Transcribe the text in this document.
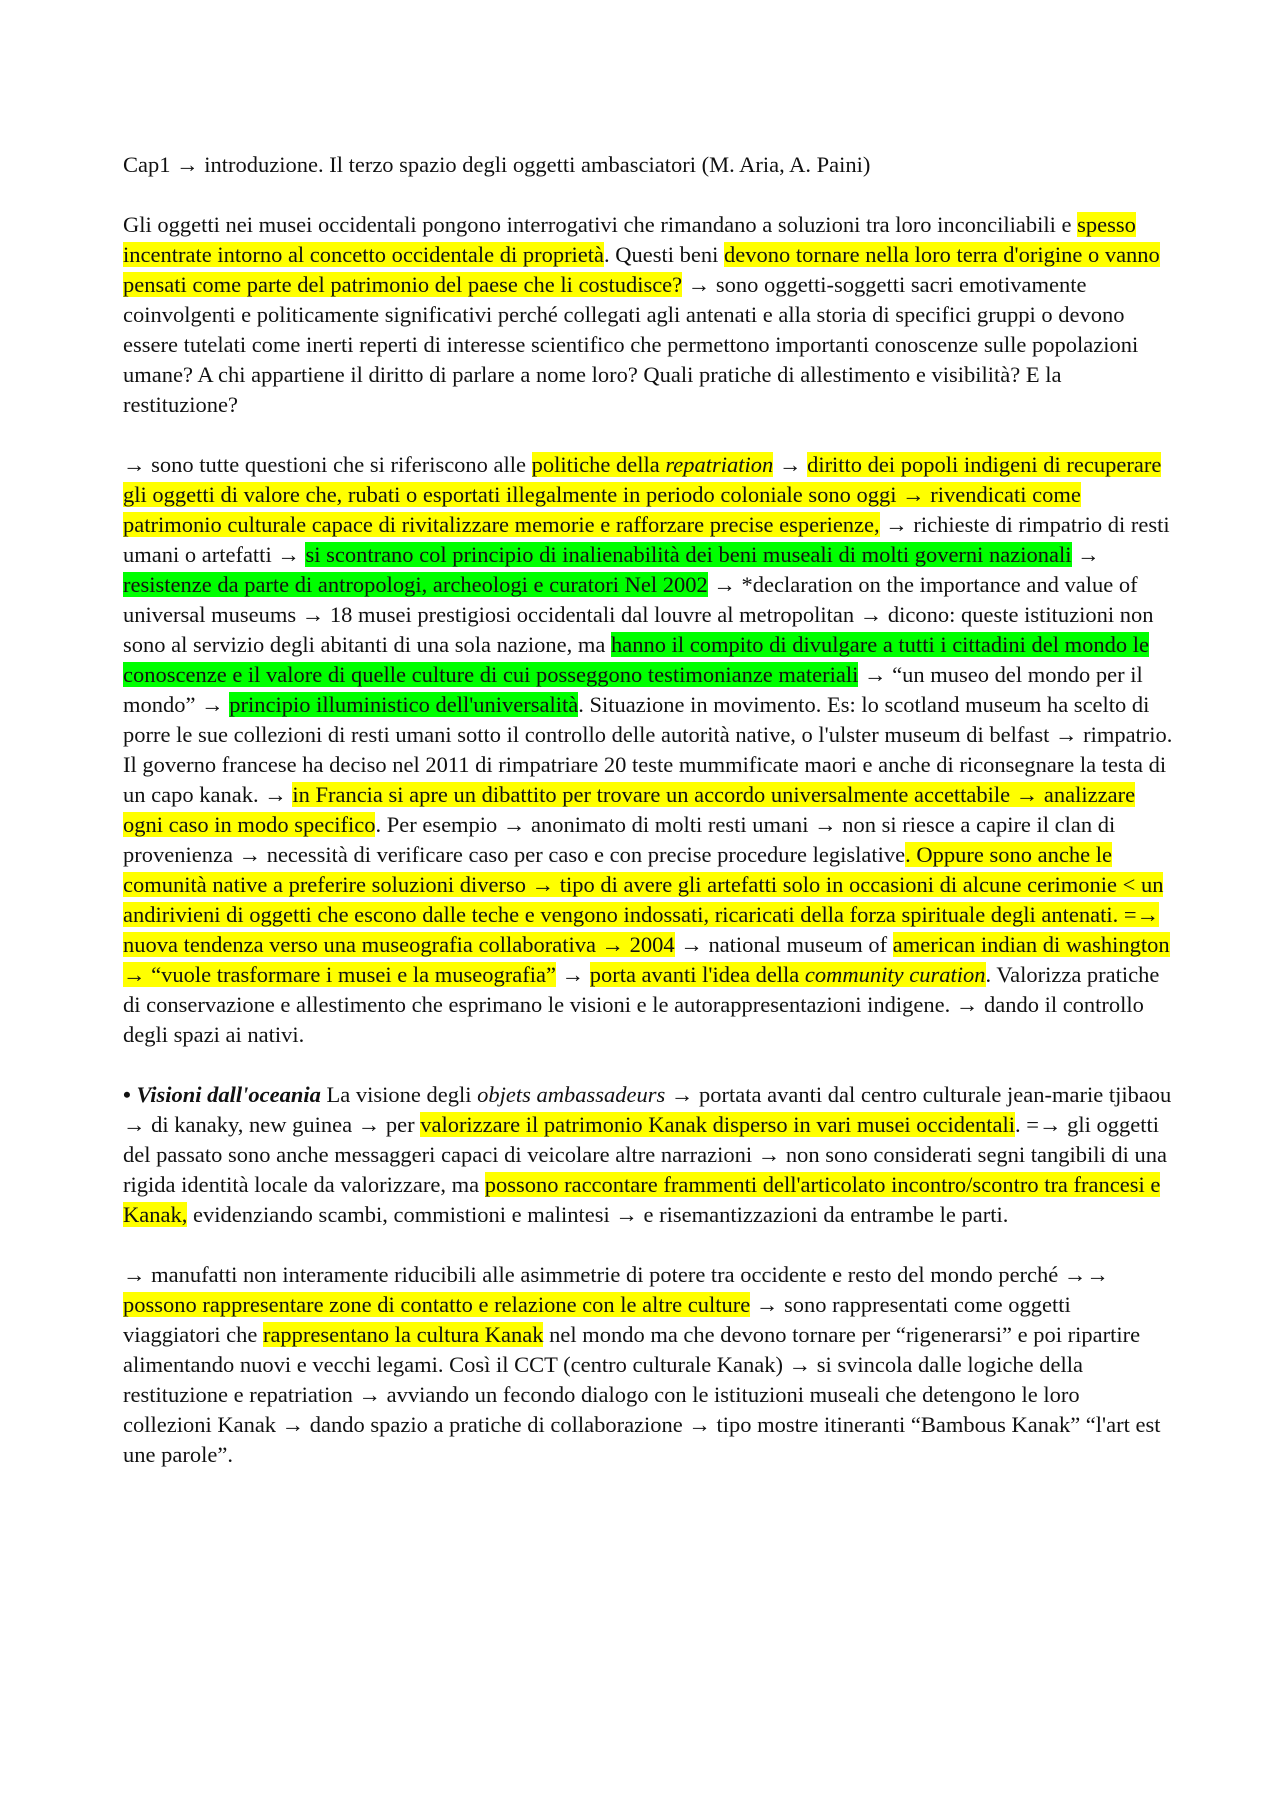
Cap1 → introduzione. Il terzo spazio degli oggetti ambasciatori (M. Aria, A. Paini)

Gli oggetti nei musei occidentali pongono interrogativi che rimandano a soluzioni tra loro inconciliabili e spesso incentrate intorno al concetto occidentale di proprietà. Questi beni devono tornare nella loro terra d'origine o vanno pensati come parte del patrimonio del paese che li costudisce? → sono oggetti-soggetti sacri emotivamente coinvolgenti e politicamente significativi perché collegati agli antenati e alla storia di specifici gruppi o devono essere tutelati come inerti reperti di interesse scientifico che permettono importanti conoscenze sulle popolazioni umane? A chi appartiene il diritto di parlare a nome loro? Quali pratiche di allestimento e visibilità? E la restituzione?

→ sono tutte questioni che si riferiscono alle politiche della repatriation → diritto dei popoli indigeni di recuperare gli oggetti di valore che, rubati o esportati illegalmente in periodo coloniale sono oggi → rivendicati come patrimonio culturale capace di rivitalizzare memorie e rafforzare precise esperienze, → richieste di rimpatrio di resti umani o artefatti → si scontrano col principio di inalienabilità dei beni museali di molti governi nazionali → resistenze da parte di antropologi, archeologi e curatori Nel 2002 → *declaration on the importance and value of universal museums → 18 musei prestigiosi occidentali dal louvre al metropolitan → dicono: queste istituzioni non sono al servizio degli abitanti di una sola nazione, ma hanno il compito di divulgare a tutti i cittadini del mondo le conoscenze e il valore di quelle culture di cui posseggono testimonianze materiali → “un museo del mondo per il mondo” → principio illuministico dell'universalità. Situazione in movimento. Es: lo scotland museum ha scelto di porre le sue collezioni di resti umani sotto il controllo delle autorità native, o l'ulster museum di belfast → rimpatrio. Il governo francese ha deciso nel 2011 di rimpatriare 20 teste mummificate maori e anche di riconsegnare la testa di un capo kanak. → in Francia si apre un dibattito per trovare un accordo universalmente accettabile → analizzare ogni caso in modo specifico. Per esempio → anonimato di molti resti umani → non si riesce a capire il clan di provenienza → necessità di verificare caso per caso e con precise procedure legislative. Oppure sono anche le comunità native a preferire soluzioni diverso → tipo di avere gli artefatti solo in occasioni di alcune cerimonie < un andirivieni di oggetti che escono dalle teche e vengono indossati, ricaricati della forza spirituale degli antenati. =→ nuova tendenza verso una museografia collaborativa → 2004 → national museum of american indian di washington → “vuole trasformare i musei e la museografia” → porta avanti l'idea della community curation. Valorizza pratiche di conservazione e allestimento che esprimano le visioni e le autorappresentazioni indigene. → dando il controllo degli spazi ai nativi.

• Visioni dall'oceania La visione degli objets ambassadeurs → portata avanti dal centro culturale jean-marie tjibaou → di kanaky, new guinea → per valorizzare il patrimonio Kanak disperso in vari musei occidentali. =→ gli oggetti del passato sono anche messaggeri capaci di veicolare altre narrazioni → non sono considerati segni tangibili di una rigida identità locale da valorizzare, ma possono raccontare frammenti dell'articolato incontro/scontro tra francesi e Kanak, evidenziando scambi, commistioni e malintesi → e risemantizzazioni da entrambe le parti.

→ manufatti non interamente riducibili alle asimmetrie di potere tra occidente e resto del mondo perché →→ possono rappresentare zone di contatto e relazione con le altre culture → sono rappresentati come oggetti viaggiatori che rappresentano la cultura Kanak nel mondo ma che devono tornare per “rigenerarsi” e poi ripartire alimentando nuovi e vecchi legami. Così il CCT (centro culturale Kanak) → si svincola dalle logiche della restituzione e repatriation → avviando un fecondo dialogo con le istituzioni museali che detengono le loro collezioni Kanak → dando spazio a pratiche di collaborazione → tipo mostre itineranti “Bambous Kanak” “l'art est une parole”.
